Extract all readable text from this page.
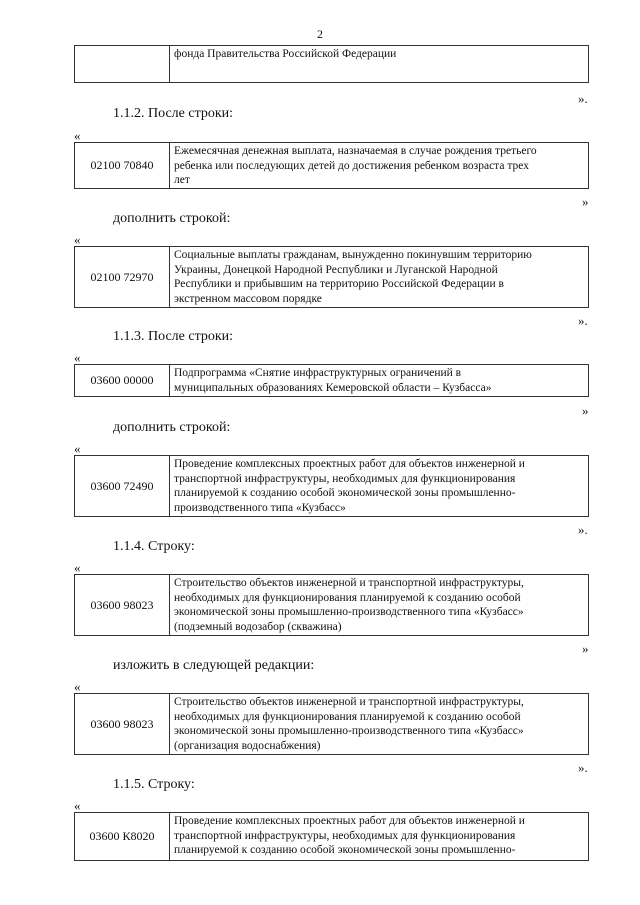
2
фонда Правительства Российской Федерации
».
1.1.2. После строки:
«
02100 70840
Ежемесячная денежная выплата, назначаемая в случае рождения третьего
ребенка или последующих детей до достижения ребенком возраста трех
лет
»
дополнить строкой:
«
02100 72970
Социальные выплаты гражданам, вынужденно покинувшим территорию
Украины, Донецкой Народной Республики и Луганской Народной
Республики и прибывшим на территорию Российской Федерации в
экстренном массовом порядке
».
1.1.3. После строки:
«
03600 00000	Подпрограмма «Снятие инфраструктурных ограничений в
муниципальных образованиях Кемеровской области – Кузбасса»
»
дополнить строкой:
«
03600 72490
Проведение комплексных проектных работ для объектов инженерной и
транспортной инфраструктуры, необходимых для функционирования
планируемой к созданию особой экономической зоны промышленно-
производственного типа «Кузбасс»
».
1.1.4. Строку:
«
03600 98023
Строительство объектов инженерной и транспортной инфраструктуры,
необходимых для функционирования планируемой к созданию особой
экономической зоны промышленно-производственного типа «Кузбасс»
(подземный водозабор (скважина)
»
изложить в следующей редакции:
«
03600 98023
Строительство объектов инженерной и транспортной инфраструктуры,
необходимых для функционирования планируемой к созданию особой
экономической зоны промышленно-производственного типа «Кузбасс»
(организация водоснабжения)
».
1.1.5. Строку:
«
03600 К8020
Проведение комплексных проектных работ для объектов инженерной и
транспортной инфраструктуры, необходимых для функционирования
планируемой к созданию особой экономической зоны промышленно-
